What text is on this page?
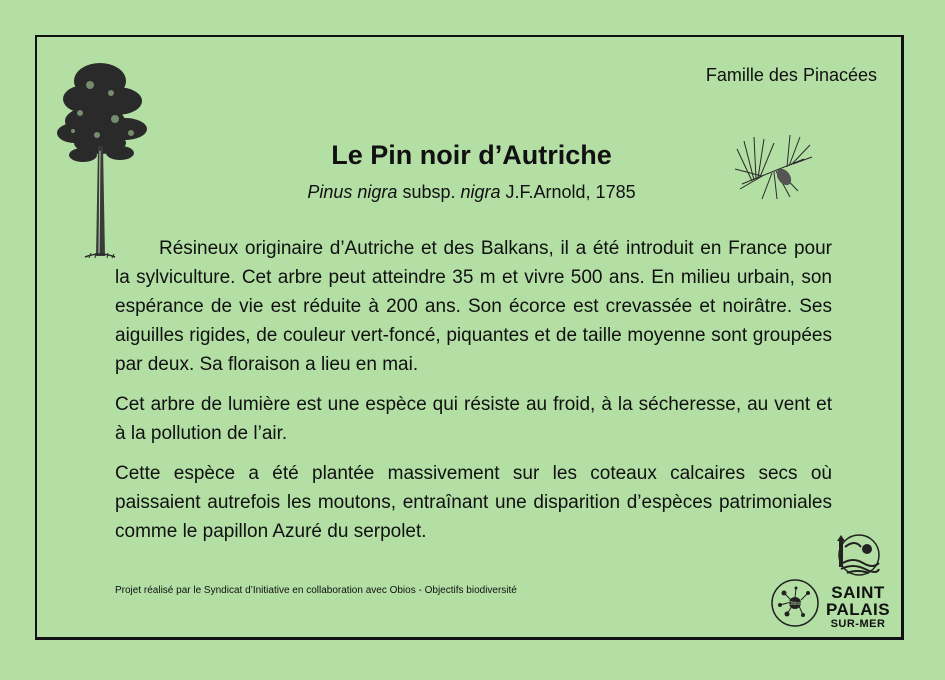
Famille des Pinacées
Le Pin noir d’Autriche
Pinus nigra subsp. nigra J.F.Arnold, 1785

Résineux originaire d’Autriche et des Balkans, il a été introduit en France pour la sylviculture. Cet arbre peut atteindre 35 m et vivre 500 ans. En milieu urbain, son espérance de vie est réduite à 200 ans. Son écorce est crevassée et noirâtre. Ses aiguilles rigides, de couleur vert-foncé, piquantes et de taille moyenne sont groupées par deux. Sa floraison a lieu en mai.

Cet arbre de lumière est une espèce qui résiste au froid, à la sécheresse, au vent et à la pollution de l’air.

Cette espèce a été plantée massivement sur les coteaux calcaires secs où paissaient autrefois les moutons, entraînant une disparition d’espèces patrimoniales comme le papillon Azuré du serpolet.

Projet réalisé par le Syndicat d’Initiative en collaboration avec Obios - Objectifs biodiversité
Obios
SAINT
PALAIS
SUR-MER
